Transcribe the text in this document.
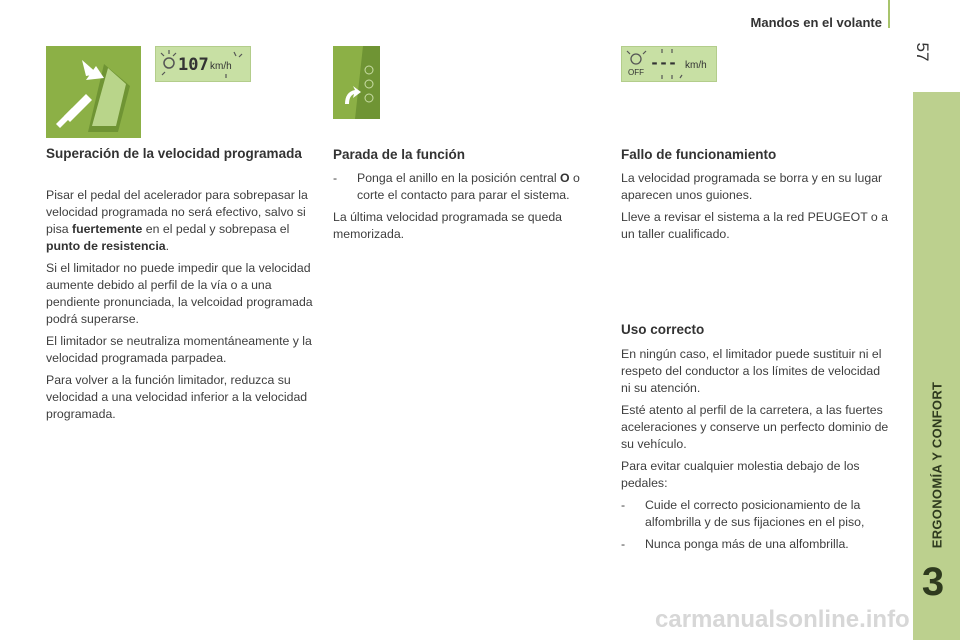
Mandos en el volante
57
ERGONOMÍA Y CONFORT
3
107 km/h
OFF
--- km/h
Superación de la velocidad programada

Pisar el pedal del acelerador para sobrepasar la velocidad programada no será efectivo, salvo si pisa fuertemente en el pedal y sobrepasa el punto de resistencia.

Si el limitador no puede impedir que la velocidad aumente debido al perfil de la vía o a una pendiente pronunciada, la velcoidad programada podrá superarse.

El limitador se neutraliza momentáneamente y la velocidad programada parpadea.

Para volver a la función limitador, reduzca su velocidad a una velocidad inferior a la velocidad programada.

Parada de la función
-	Ponga el anillo en la posición central O o corte el contacto para parar el sistema.

La última velocidad programada se queda memorizada.

Fallo de funcionamiento

La velocidad programada se borra y en su lugar aparecen unos guiones.

Lleve a revisar el sistema a la red PEUGEOT o a un taller cualificado.

Uso correcto

En ningún caso, el limitador puede sustituir ni el respeto del conductor a los límites de velocidad ni su atención.

Esté atento al perfil de la carretera, a las fuertes aceleraciones y conserve un perfecto dominio de su vehículo.

Para evitar cualquier molestia debajo de los pedales:

-	Cuide el correcto posicionamiento de la alfombrilla y de sus fijaciones en el piso,
-	Nunca ponga más de una alfombrilla.
carmanualsonline.info
